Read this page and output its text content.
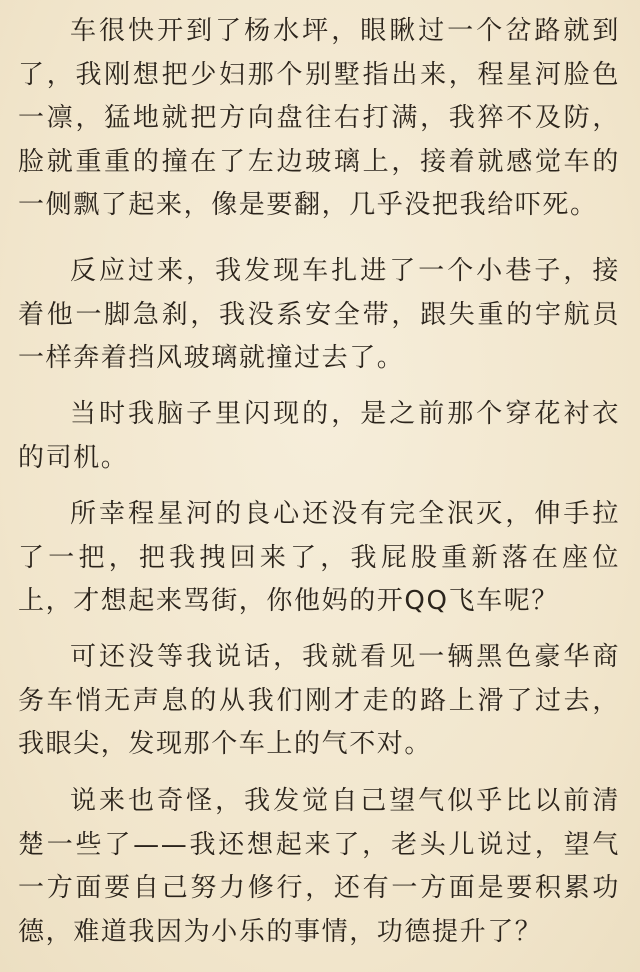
车很快开到了杨水坪，眼瞅过一个岔路就到了，我刚想把少妇那个别墅指出来，程星河脸色一凛，猛地就把方向盘往右打满，我猝不及防，脸就重重的撞在了左边玻璃上，接着就感觉车的一侧飘了起来，像是要翻，几乎没把我给吓死。

反应过来，我发现车扎进了一个小巷子，接着他一脚急刹，我没系安全带，跟失重的宇航员一样奔着挡风玻璃就撞过去了。

当时我脑子里闪现的，是之前那个穿花衬衣的司机。

所幸程星河的良心还没有完全泯灭，伸手拉了一把，把我拽回来了，我屁股重新落在座位上，才想起来骂街，你他妈的开QQ飞车呢？

可还没等我说话，我就看见一辆黑色豪华商务车悄无声息的从我们刚才走的路上滑了过去，我眼尖，发现那个车上的气不对。

说来也奇怪，我发觉自己望气似乎比以前清楚一些了——我还想起来了，老头儿说过，望气一方面要自己努力修行，还有一方面是要积累功德，难道我因为小乐的事情，功德提升了？
